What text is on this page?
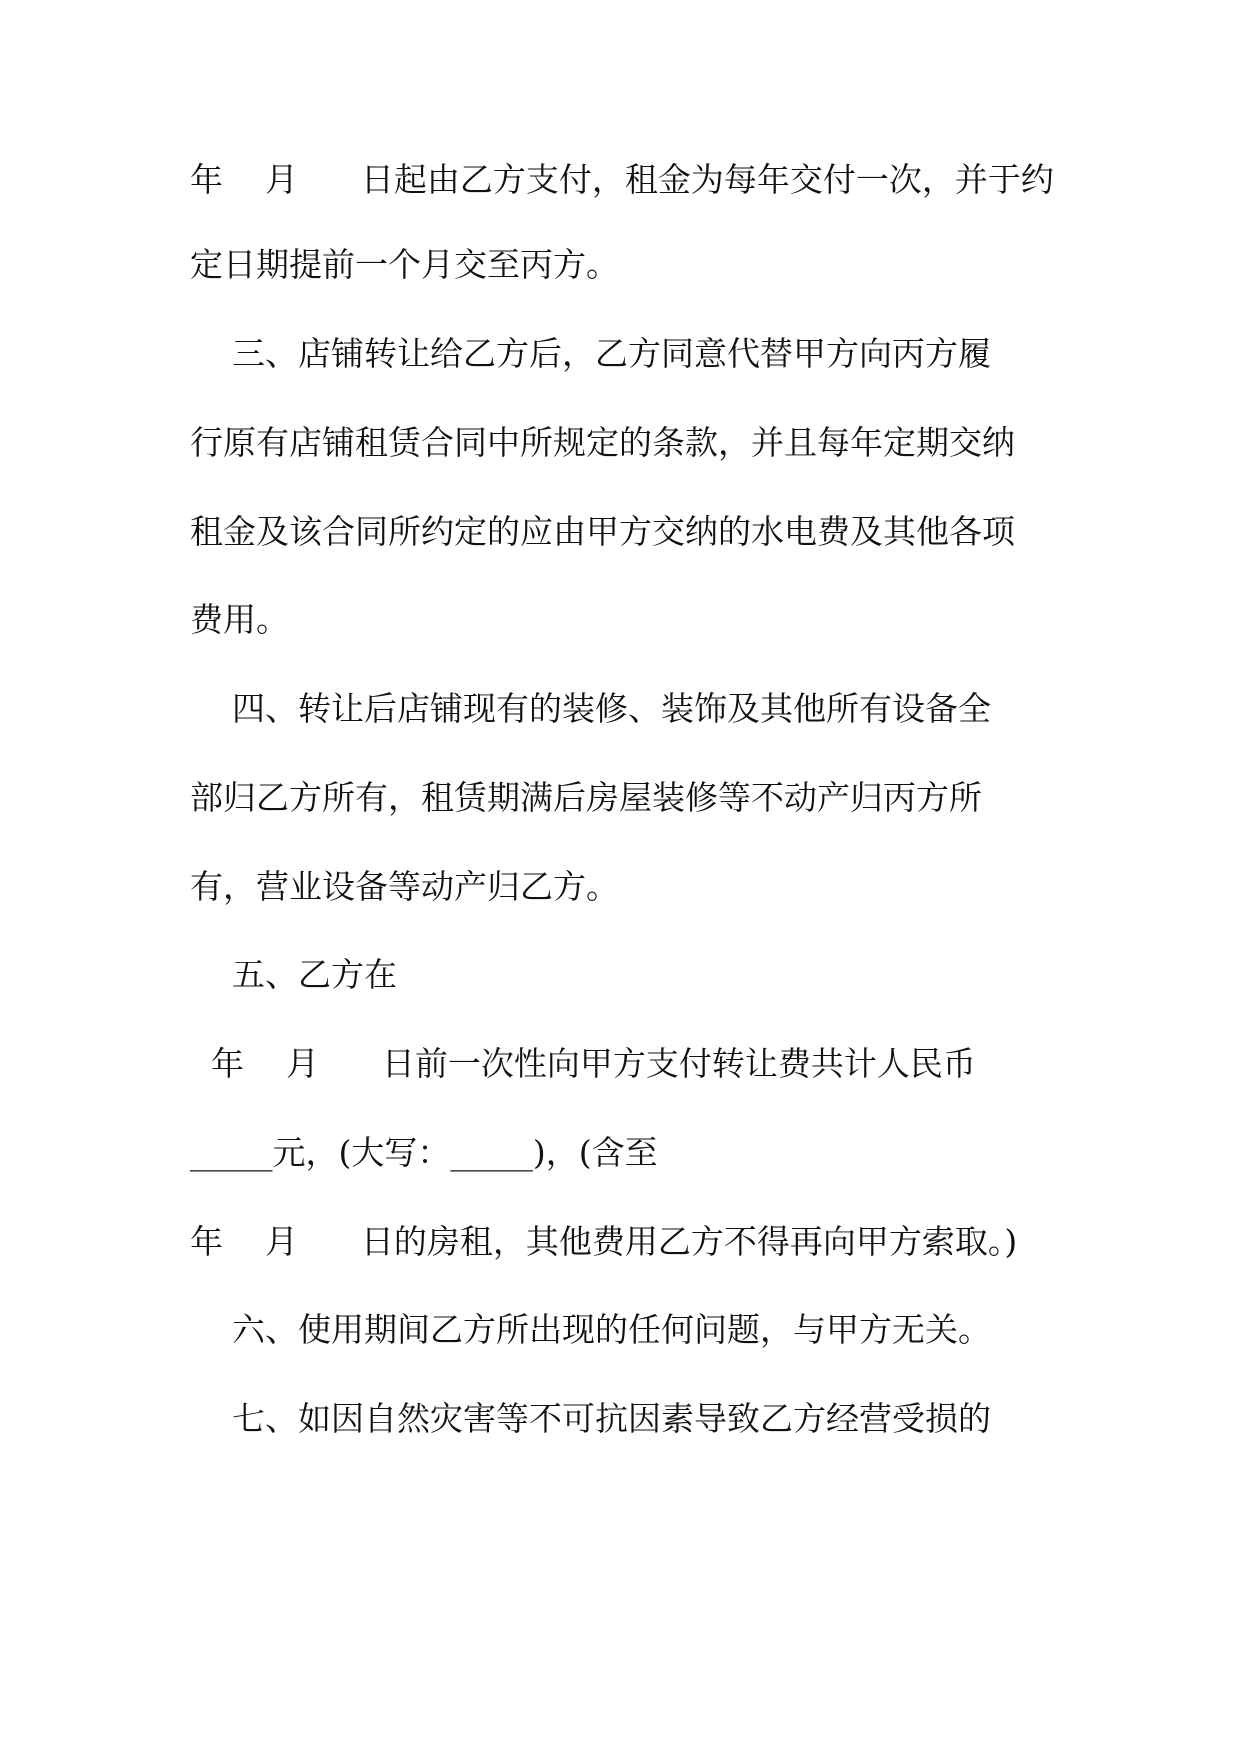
年    月      日起由乙方支付，租金为每年交付一次，并于约
定日期提前一个月交至丙方。
三、店铺转让给乙方后，乙方同意代替甲方向丙方履
行原有店铺租赁合同中所规定的条款，并且每年定期交纳
租金及该合同所约定的应由甲方交纳的水电费及其他各项
费用。
四、转让后店铺现有的装修、装饰及其他所有设备全
部归乙方所有，租赁期满后房屋装修等不动产归丙方所
有，营业设备等动产归乙方。
五、乙方在
年    月      日前一次性向甲方支付转让费共计人民币
_____元，(大写：_____)，(含至
年    月      日的房租，其他费用乙方不得再向甲方索取。)
六、使用期间乙方所出现的任何问题，与甲方无关。
七、如因自然灾害等不可抗因素导致乙方经营受损的
